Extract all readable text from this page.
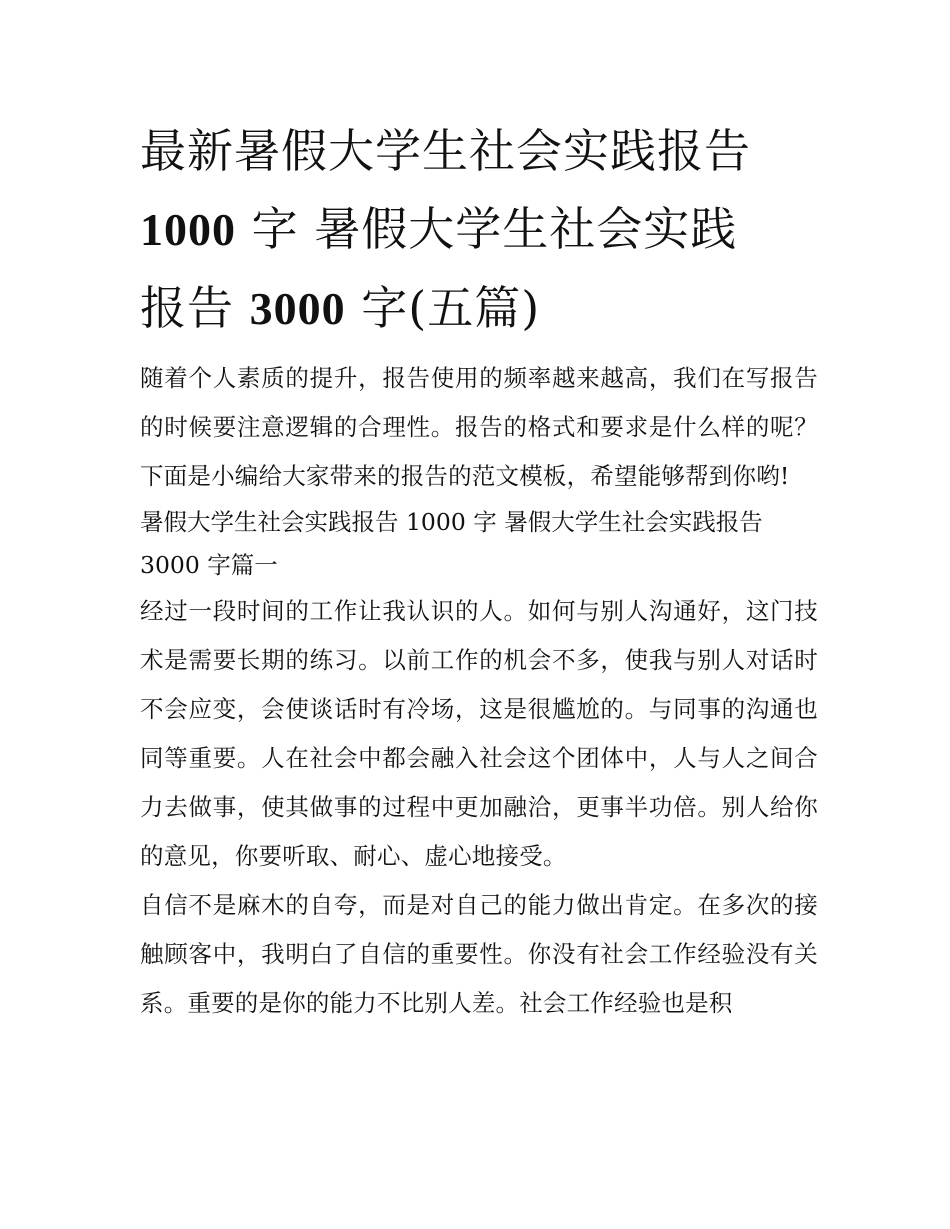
最新暑假大学生社会实践报告
1000 字 暑假大学生社会实践
报告 3000 字(五篇)

随着个人素质的提升，报告使用的频率越来越高，我们在写报告的时候要注意逻辑的合理性。报告的格式和要求是什么样的呢？下面是小编给大家带来的报告的范文模板，希望能够帮到你哟!

暑假大学生社会实践报告 1000 字 暑假大学生社会实践报告 3000 字篇一

经过一段时间的工作让我认识的人。如何与别人沟通好，这门技术是需要长期的练习。以前工作的机会不多，使我与别人对话时不会应变，会使谈话时有冷场，这是很尴尬的。与同事的沟通也同等重要。人在社会中都会融入社会这个团体中，人与人之间合力去做事，使其做事的过程中更加融洽，更事半功倍。别人给你的意见，你要听取、耐心、虚心地接受。

自信不是麻木的自夸，而是对自己的能力做出肯定。在多次的接触顾客中，我明白了自信的重要性。你没有社会工作经验没有关系。重要的是你的能力不比别人差。社会工作经验也是积
